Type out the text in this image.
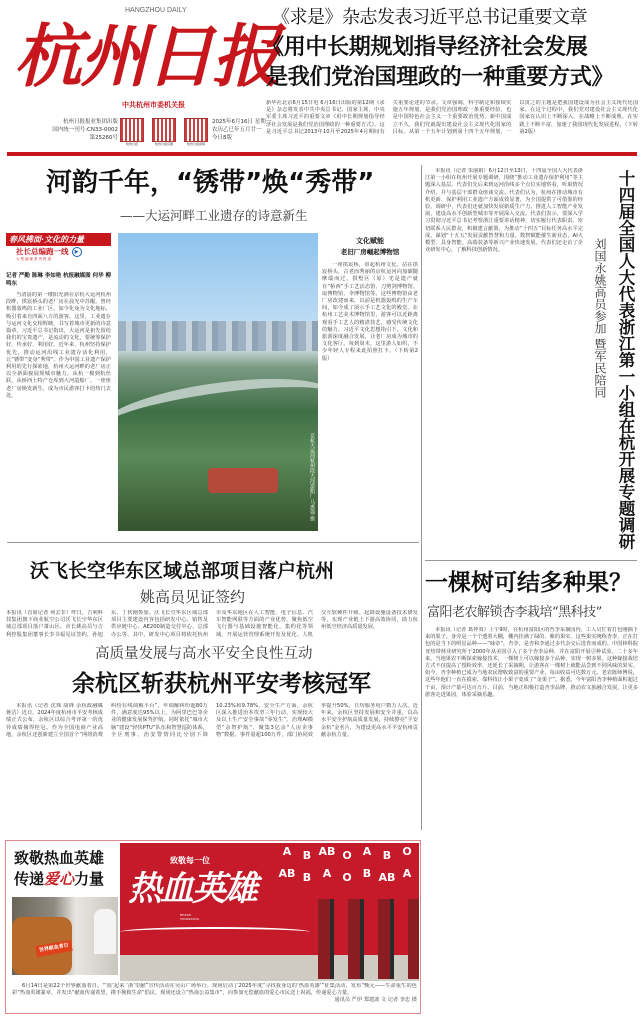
HANGZHOU DAILY
杭州日报
中共杭州市委机关报
杭州日报报业集团出版
国内统一刊号:CN33-0002
第25260号
杭州日报	杭州日报官微	杭州日报视频
2025年6月16日 星期一
农历乙巳年五月廿一
今日8版
《求是》杂志发表习近平总书记重要文章
《用中长期规划指导经济社会发展
是我们党治国理政的一种重要方式》
新华社北京6月15日电 6月16日出版的第12期《求是》杂志将发表中共中央总书记、国家主席、中央军委主席习近平的重要文章《用中长期规划指导经济社会发展是我们党治国理政的一种重要方式》。这是习近平总书记2013年10月至2025年4月期间有关重要论述的节录。文章强调，科学制定和接续实施五年规划，是我们党治国理政一条重要经验，也是中国特色社会主义一个重要政治优势。新中国成立不久，我们党就提出建设社会主义现代化国家的目标。从第一个五年计划到第十四个五年规划，一以贯之的主题是把我国建设成为社会主义现代化国家。在这个过程中，我们党对建设社会主义现代化国家在认识上不断深入、在战略上不断成熟、在实践上不断丰富，加速了我国现代化发展进程。（下转第2版）
河韵千年，“锈带”焕“秀带”
——大运河畔工业遗存的诗意新生
春风拂面·文化的力量
社长总编跑一线	▶
大型融媒系列报道
记者 严勤 陈琳 李如艳 杭报融媒图 何华 柳鸣东
当清晨的第一缕阳光洒在京杭大运河杭州段畔，拱宸桥头的老厂房在晨光中苏醒。曾经机器轰鸣的工业厂区，如今化身为文化地标，吸引着来自四面八方的游客。这里，工业遗存与运河文化交相辉映，书写着城市更新的诗意篇章。习近平总书记指出，大运河是祖先留给我们的宝贵遗产，是流动的文化，要统筹保护好、传承好、利用好。近年来，杭州坚持保护优先，推动运河沿线工业遗存活化利用，让“锈带”变身“秀带”。作为中国工业遗产保护利用的先行探索地，杭州大运河畔的老厂房正以全新面貌展现城市魅力。从杭一棉到杭丝联，从桥西土特产仓库到大河造船厂，一座座老厂房焕发新生，成为市民游客打卡的热门去处。
京杭大运河杭州段大河造船厂 马惠强 摄
文化赋能
老旧厂房崛起博物馆
一座拱宸桥，串起杭州文化。站在拱宸桥头，古老而秀丽的京杭运河向加碳随摩端而过。拱墅区（原）光是遗产就有“桥西”手工艺活态馆、刀剪剑博物馆、扇博物馆、伞博物馆等。这些博物馆由老厂房改建而来，以前是机器轰鸣的生产车间，如今成了展示手工艺文化的殿堂。在杭州工艺美术博物馆里，游客可以近距离观看手工艺人的精湛技艺，感受传统文化的魅力。习近平文化思想指引下，文化和旅游深度融合发展，让老厂房成为城市的文化客厅。每到周末，这里游人如织，不少年轻人专程来此拍照打卡。（下转第2版）
本报讯（记者 朱丽娟）6月12日至13日，十四届全国人大代表浙江第一小组在杭州开展专题调研，围绕“推动工业遗存保护利用”等主题深入基层。代表们先后来到运河沿线多个点位实地察看，听取情况介绍，并与基层干部群众座谈交流。代表们认为，杭州在推动城市有机更新、保护利用工业遗产方面成效显著，为全国提供了可借鉴的经验。调研中，代表们还就加快发展新质生产力、推进人工智能产业发展、建设高水平创新型城市等开展深入交流。代表们表示，要深入学习贯彻习近平总书记考察浙江重要讲话精神，切实履行代表职责，密切联系人民群众，积极建言献策，为推动“十四五”目标任务高水平完成、谋划“十五五”发展贡献智慧和力量。数智赋能催生新业态，AI大模型、具身智能、高端装备等新兴产业快速发展。代表们还走访了企业研发中心，了解科技创新情况。	十四届全国人大代表浙江第一小组在杭开展专题调研
刘国永姚高员参加 暨军民陪同
沃飞长空华东区域总部项目落户杭州
姚高员见证签约
本报讯（首席记者 何去非）昨日，吉利科技集团旗下商业航空公司沃飞长空华东区域总部项目落户萧山区。市长姚高员与吉利控股集团董事长李书福见证签约，孙旭东、丁狄刚参加。沃飞长空华东区域总部项目主要建设内容包括研发中心、销售及供应链中心、AE200制造交付中心、总部办公等。其中，研发中心项目将依托杭州市及华东地区在人工智能、电子信息、汽车智能网联等方面的产业优势，聚焦低空飞行器与基础设施智能化、集约化等领域，开展运营管理系统开发及优化、人机交互软硬件升级、起降设施设备技术研发等，实现产业链上下游高效协同，助力杭州低空经济高质量发展。
一棵树可结多种果？
富阳老农解锁杏李栽培“黑科技”
本报讯（记者 葛仲夷）上午9时，在杭州富阳区的杏李采摘园内，工人员忙着打包刚摘下来的果子。身旁是一个个透着大棚，棚内挂满了绿的、紫的果实。这些果实统称杏李，正在打包的是当下的明星品种——“味帝”。杏李，是杏和李通过多代杂交后选育而成的。中国林科院亚热带林业研究所于2000年从美国引入了多个杏李品种，并在富阳开展引种试验。二十多年来，当地果农不断探索嫁接技术，一棵树上可以嫁接多个品种，实现一树多果。这种嫁接栽培方式不仅提高了授粉效率，还延长了采摘期，让游客在一棵树上就能品尝到不同风味的果实。如今，杏李种植已成为当地农民增收致富的重要产业，每亩收益可达数万元。老农陈师傅说，这些年他们一直在摸索，靠科技让小果子变成了“金果子”。据悉，今年富阳杏李种植面积超过千亩，预计产量可达百万斤。目前，当地正积极打造杏李品牌，推动农文旅融合发展，让更多游客走进果园，体验采摘乐趣。
高质量发展与高水平安全良性互动
余杭区斩获杭州平安考核冠军
本报讯（记者 沈珠 胡锋 余杭政融媒 蒋洁）近日，2024年度杭州市平安考核成绩正式公布，余杭区以综合考评第一的优异成绩摘得桂冠。作为全国电商产业高地，余杭区还创新建立全国首个“网络消费纠纷在线调解平台”，年调解纠纷超80万件，满意度达95%以上，为阿里巴巴等企业的健康发展保驾护航。同时依托“城市大脑”建设“轻快PTU”队伍和智慧巡防体系，全区刑事、治安警情同比分别下降10.23%和9.78%。安全生产方面，余杭区深入推进治本攻坚三年行动，实现较大及以上生产安全事故“零发生”。治理AI模型“余智护航”，聚集3亿余“人房企事物”数据，事件量超100万件，部门协同效率提升50%，日均服务用户数万人次。近年来，余杭区坚持发展和安全并重，以高水平安全护航高质量发展，持续擦亮“平安余杭”金名片，为建设更高水平平安杭州贡献余杭力量。
致敬热血英雄
传递爱心力量
世界献血者日
致敬每一位
热血英雄
REXUE YINGXIONG
A	B AB O	A	B	O
AB B	A	O	B AB A
6月14日是第22个世界献血者日。“‘血’起来 ‘浙’里献”宣传活动在吴山广场举行。现场启动了2025年度“寻找我身边的‘热血英雄’”征集活动，发布“甄元——生命重生的色彩”热血英雄篆章，并发出“献血传递希望，携手挽救生命”倡议。现场还设立“热血公益集市”，向参加无偿献血的爱心市民送上祝福，传递爱心力量。
通讯员 严伊 郑建波 文 记者 李忠 摄
